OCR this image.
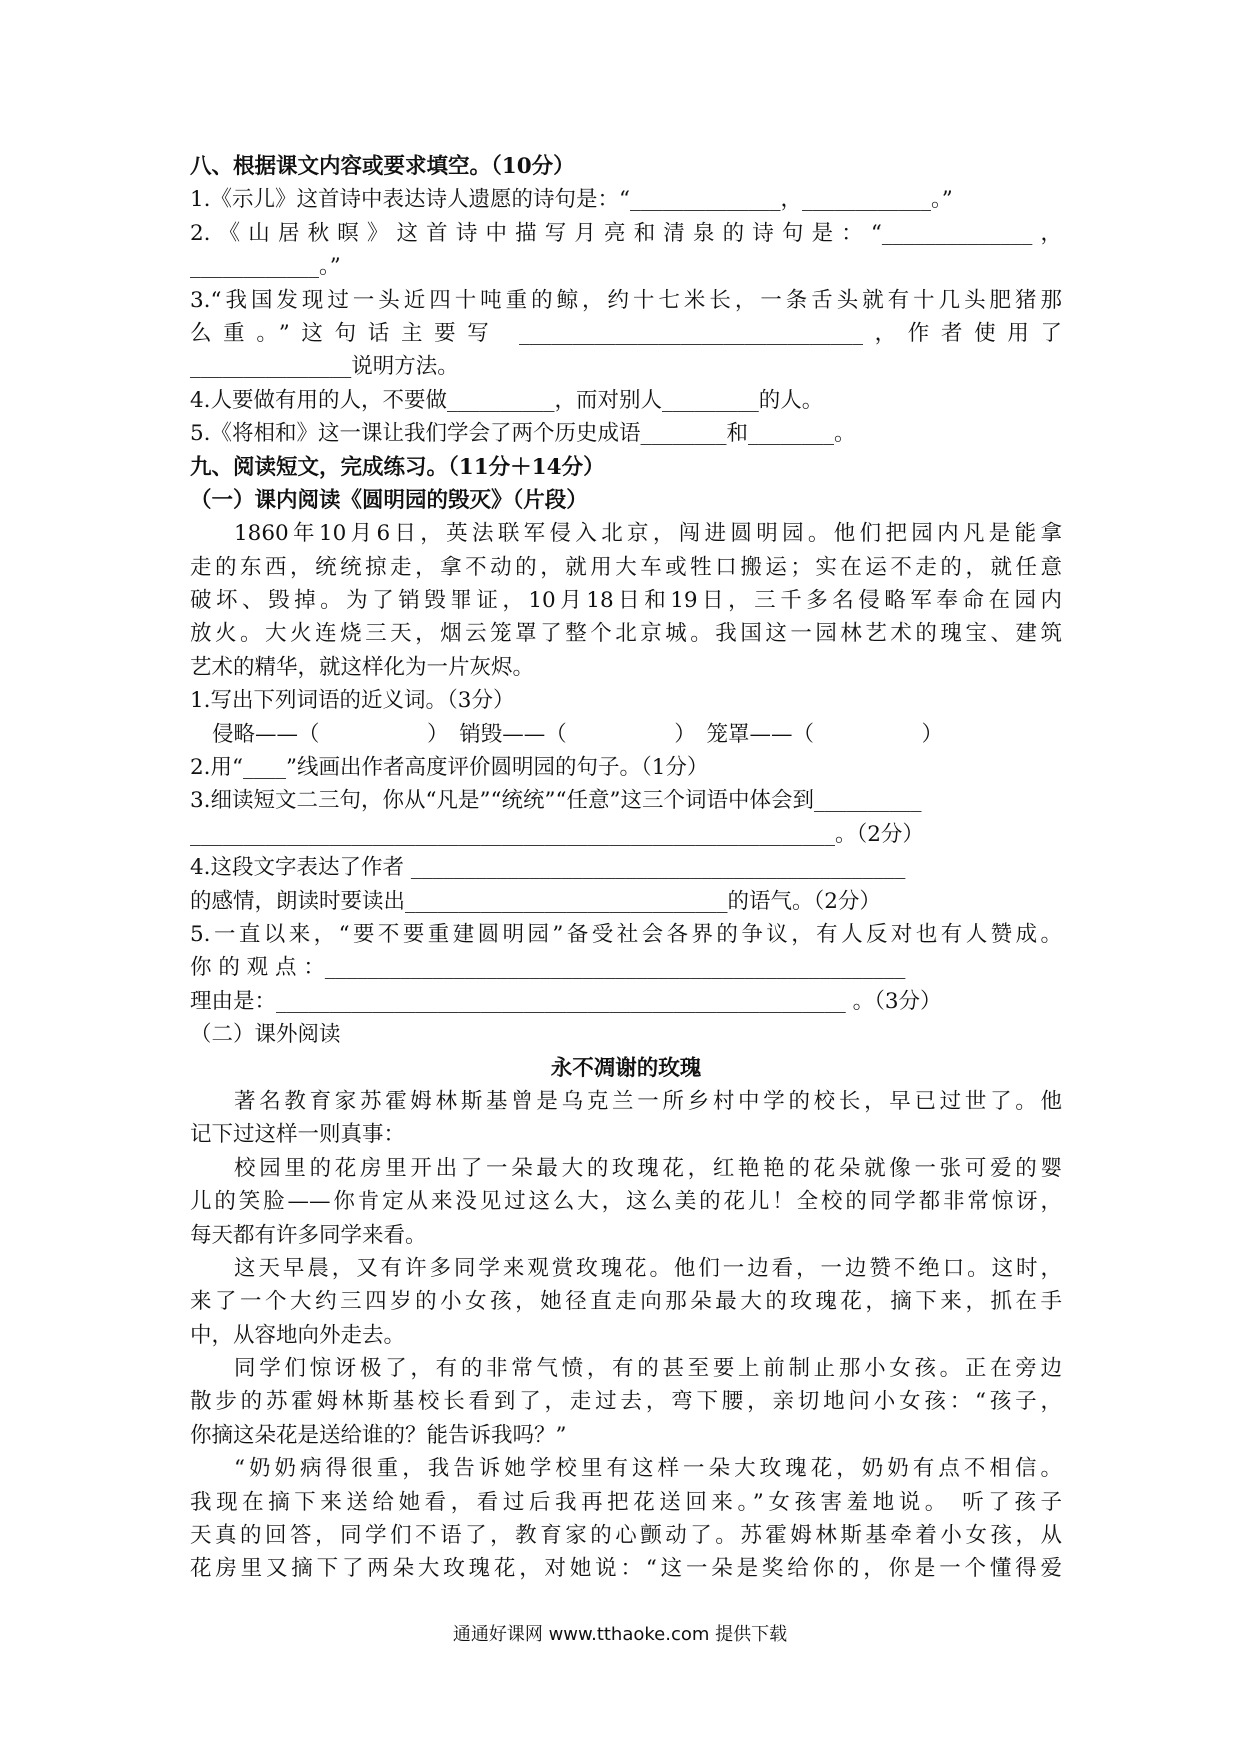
八、根据课文内容或要求填空。（10分）
1.《示儿》这首诗中表达诗人遗愿的诗句是：“______________，____________。”
2.《山居秋暝》这首诗中描写月亮和清泉的诗句是：“______________，
____________。”
3.“我国发现过一头近四十吨重的鲸，约十七米长，一条舌头就有十几头肥猪那
么重。”这句话主要写 ________________________________，作者使用了
_______________说明方法。
4.人要做有用的人，不要做__________，而对别人_________的人。
5.《将相和》这一课让我们学会了两个历史成语________和________。
九、阅读短文，完成练习。（11分＋14分）
（一）课内阅读《圆明园的毁灭》（片段）
1860年10月6日，英法联军侵入北京，闯进圆明园。他们把园内凡是能拿
走的东西，统统掠走，拿不动的，就用大车或牲口搬运；实在运不走的，就任意
破坏、毁掉。为了销毁罪证，10月18日和19日，三千多名侵略军奉命在园内
放火。大火连烧三天，烟云笼罩了整个北京城。我国这一园林艺术的瑰宝、建筑
艺术的精华，就这样化为一片灰烬。
1.写出下列词语的近义词。（3分）
侵略——（　　　　　）　销毁——（　　　　　）　笼罩——（　　　　　）
2.用“____”线画出作者高度评价圆明园的句子。（1分）
3.细读短文二三句，你从“凡是”“统统”“任意”这三个词语中体会到__________
____________________________________________________________。（2分）
4.这段文字表达了作者 ______________________________________________
的感情，朗读时要读出______________________________的语气。（2分）
5.一直以来，“要不要重建圆明园”备受社会各界的争议，有人反对也有人赞成。
你 的 观 点 ：______________________________________________________
理由是：_____________________________________________________ 。（3分）
（二）课外阅读
永不凋谢的玫瑰
著名教育家苏霍姆林斯基曾是乌克兰一所乡村中学的校长，早已过世了。他
记下过这样一则真事：
校园里的花房里开出了一朵最大的玫瑰花，红艳艳的花朵就像一张可爱的婴
儿的笑脸——你肯定从来没见过这么大，这么美的花儿！全校的同学都非常惊讶，
每天都有许多同学来看。
这天早晨，又有许多同学来观赏玫瑰花。他们一边看，一边赞不绝口。这时，
来了一个大约三四岁的小女孩，她径直走向那朵最大的玫瑰花，摘下来，抓在手
中，从容地向外走去。
同学们惊讶极了，有的非常气愤，有的甚至要上前制止那小女孩。正在旁边
散步的苏霍姆林斯基校长看到了，走过去，弯下腰，亲切地问小女孩：“孩子，
你摘这朵花是送给谁的？能告诉我吗？”
“奶奶病得很重，我告诉她学校里有这样一朵大玫瑰花，奶奶有点不相信。
我现在摘下来送给她看，看过后我再把花送回来。”女孩害羞地说。 听了孩子
天真的回答，同学们不语了，教育家的心颤动了。苏霍姆林斯基牵着小女孩，从
花房里又摘下了两朵大玫瑰花，对她说：“这一朵是奖给你的，你是一个懂得爱
通通好课网 www.tthaoke.com 提供下载
